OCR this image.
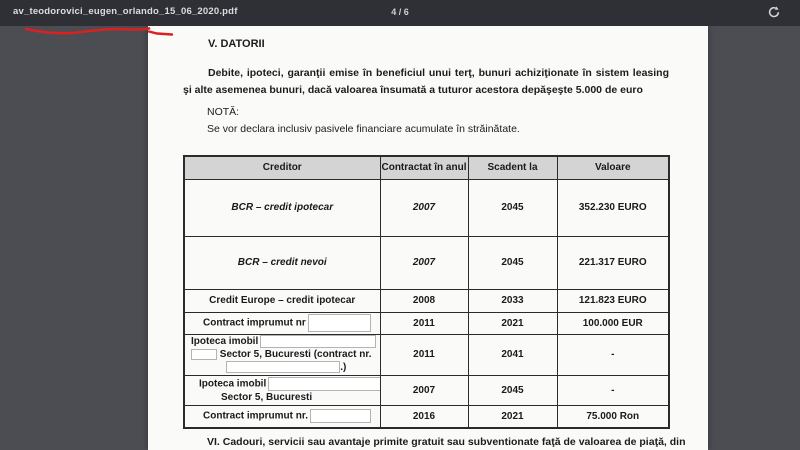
av_teodorovici_eugen_orlando_15_06_2020.pdf	4 / 6
V. DATORII
Debite, ipoteci, garanţii emise în beneficiul unui terţ, bunuri achiziţionate în sistem leasing şi alte asemenea bunuri, dacă valoarea însumată a tuturor acestora depăşeşte 5.000 de euro
NOTĂ:
Se vor declara inclusiv pasivele financiare acumulate în străinătate.
Creditor	Contractat în anul	Scadent la	Valoare
BCR – credit ipotecar	2007	2045	352.230 EURO
BCR – credit nevoi	2007	2045	221.317 EURO
Credit Europe – credit ipotecar	2008	2033	121.823 EURO
Contract imprumut nr	2011	2021	100.000 EUR

Ipoteca imobil
Sector 5, Bucuresti (contract nr.
.)	2011	2041	-

Ipoteca imobil
Sector 5, Bucuresti	2007	2045	-
Contract imprumut nr.	2016	2021	75.000 Ron
VI. Cadouri, servicii sau avantaje primite gratuit sau subventionate faţă de valoarea de piaţă, din
